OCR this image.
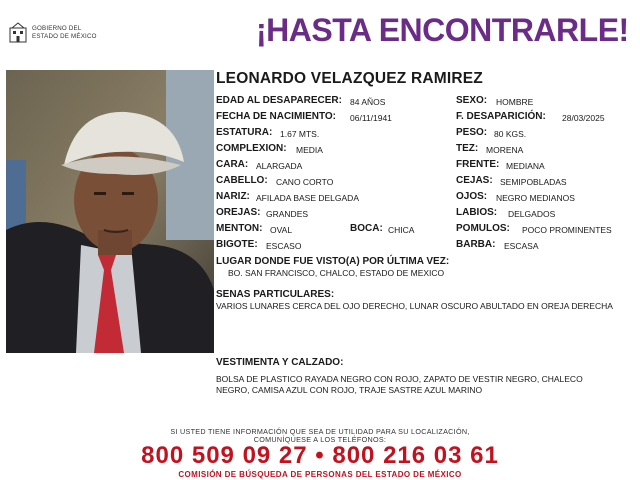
GOBIERNO DEL
ESTADO DE MÉXICO	¡HASTA ENCONTRARLE!
LEONARDO VELAZQUEZ RAMIREZ
EDAD AL DESAPARECER: 84 AÑOS	SEXO: HOMBRE
FECHA DE NACIMIENTO: 06/11/1941	F. DESAPARICIÓN: 28/03/2025
ESTATURA: 1.67 MTS.	PESO: 80 KGS.
COMPLEXION: MEDIA	TEZ: MORENA
CARA: ALARGADA	FRENTE: MEDIANA
CABELLO: CANO CORTO	CEJAS: SEMIPOBLADAS
NARIZ: AFILADA BASE DELGADA	OJOS: NEGRO MEDIANOS
OREJAS: GRANDES	LABIOS: DELGADOS
MENTON: OVAL	BOCA: CHICA	POMULOS: POCO PROMINENTES
BIGOTE: ESCASO	BARBA: ESCASA
LUGAR DONDE FUE VISTO(A) POR ÚLTIMA VEZ:
BO. SAN FRANCISCO, CHALCO, ESTADO DE MEXICO
SENAS PARTICULARES:
VARIOS LUNARES CERCA DEL OJO DERECHO, LUNAR OSCURO ABULTADO EN OREJA DERECHA
VESTIMENTA Y CALZADO:
BOLSA DE PLASTICO RAYADA NEGRO CON ROJO, ZAPATO DE VESTIR NEGRO, CHALECO NEGRO, CAMISA AZUL CON ROJO, TRAJE SASTRE AZUL MARINO
SI USTED TIENE INFORMACIÓN QUE SEA DE UTILIDAD PARA SU LOCALIZACIÓN,
COMUNÍQUESE A LOS TELÉFONOS:
800 509 09 27 • 800 216 03 61
COMISIÓN DE BÚSQUEDA DE PERSONAS DEL ESTADO DE MÉXICO
